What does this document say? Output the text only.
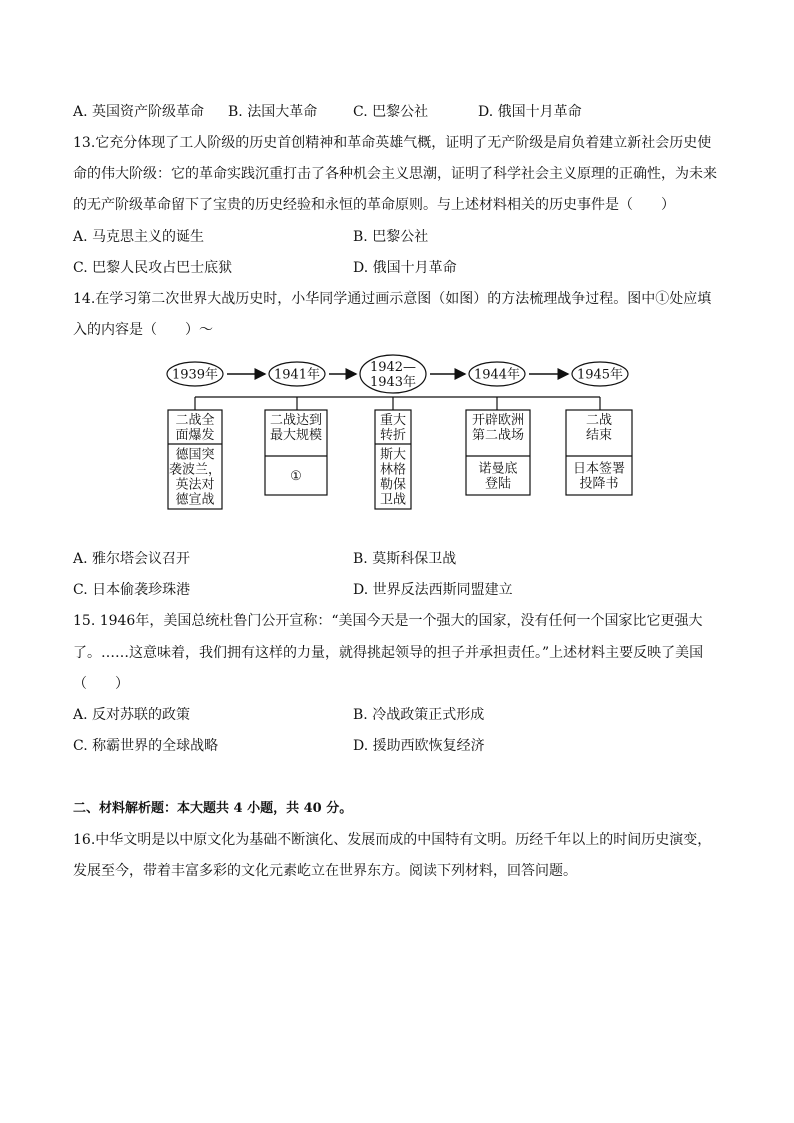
A. 英国资产阶级革命 B. 法国大革命	C. 巴黎公社	D. 俄国十月革命
13.它充分体现了工人阶级的历史首创精神和革命英雄气概，证明了无产阶级是肩负着建立新社会历史使
命的伟大阶级：它的革命实践沉重打击了各种机会主义思潮，证明了科学社会主义原理的正确性，为未来
的无产阶级革命留下了宝贵的历史经验和永恒的革命原则。与上述材料相关的历史事件是（　　）
A. 马克思主义的诞生	B. 巴黎公社
C. 巴黎人民攻占巴士底狱	D. 俄国十月革命
14.在学习第二次世界大战历史时，小华同学通过画示意图（如图）的方法梳理战争过程。图中①处应填
入的内容是（　　）～
1939年
二战全面爆发
德国突袭波兰，英法对德宣战
1941年
二战达到最大规模
①
1942— 1943年
重大转折
斯大林格勒保卫战
1944年
开辟欧洲第二战场
诺曼底登陆
1945年
二战结束
日本签署投降书
A. 雅尔塔会议召开	B. 莫斯科保卫战
C. 日本偷袭珍珠港	D. 世界反法西斯同盟建立
15. 1946年，美国总统杜鲁门公开宣称：“美国今天是一个强大的国家，没有任何一个国家比它更强大
了。……这意味着，我们拥有这样的力量，就得挑起领导的担子并承担责任。”上述材料主要反映了美国
（　　）
A. 反对苏联的政策	B. 冷战政策正式形成
C. 称霸世界的全球战略	D. 援助西欧恢复经济
二、材料解析题：本大题共 4 小题，共 40 分。
16.中华文明是以中原文化为基础不断演化、发展而成的中国特有文明。历经千年以上的时间历史演变，
发展至今，带着丰富多彩的文化元素屹立在世界东方。阅读下列材料，回答问题。
